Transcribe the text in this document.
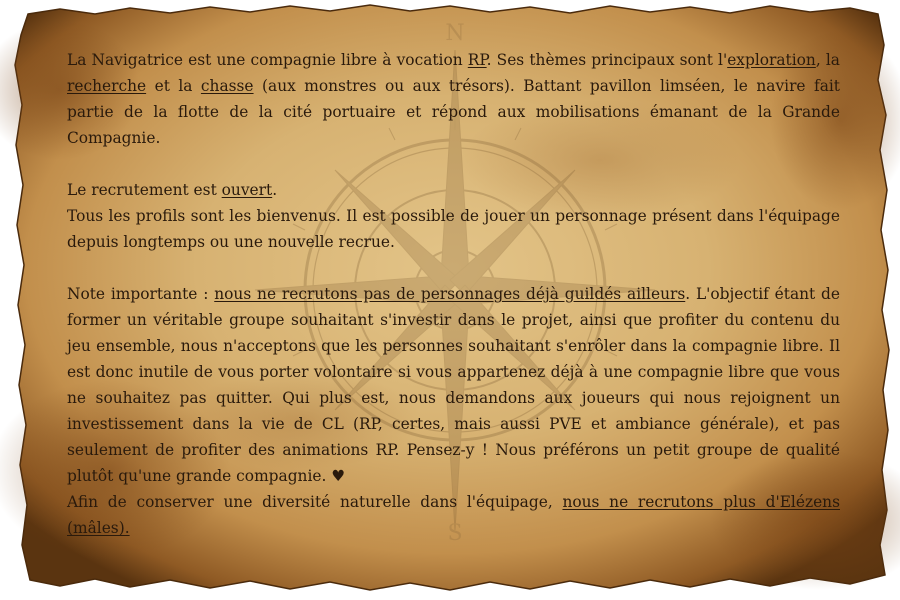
N
S

La Navigatrice est une compagnie libre à vocation RP. Ses thèmes principaux sont l'exploration, la recherche et la chasse (aux monstres ou aux trésors). Battant pavillon limséen, le navire fait partie de la flotte de la cité portuaire et répond aux mobilisations émanant de la Grande Compagnie.

Le recrutement est ouvert.

Tous les profils sont les bienvenus. Il est possible de jouer un personnage présent dans l'équipage depuis longtemps ou une nouvelle recrue.

Note importante : nous ne recrutons pas de personnages déjà guildés ailleurs. L'objectif étant de former un véritable groupe souhaitant s'investir dans le projet, ainsi que profiter du contenu du jeu ensemble, nous n'acceptons que les personnes souhaitant s'enrôler dans la compagnie libre. Il est donc inutile de vous porter volontaire si vous appartenez déjà à une compagnie libre que vous ne souhaitez pas quitter. Qui plus est, nous demandons aux joueurs qui nous rejoignent un investissement dans la vie de CL (RP, certes, mais aussi PVE et ambiance générale), et pas seulement de profiter des animations RP. Pensez-y ! Nous préférons un petit groupe de qualité plutôt qu'une grande compagnie. ♥

Afin de conserver une diversité naturelle dans l'équipage, nous ne recrutons plus d'Elézens (mâles).
